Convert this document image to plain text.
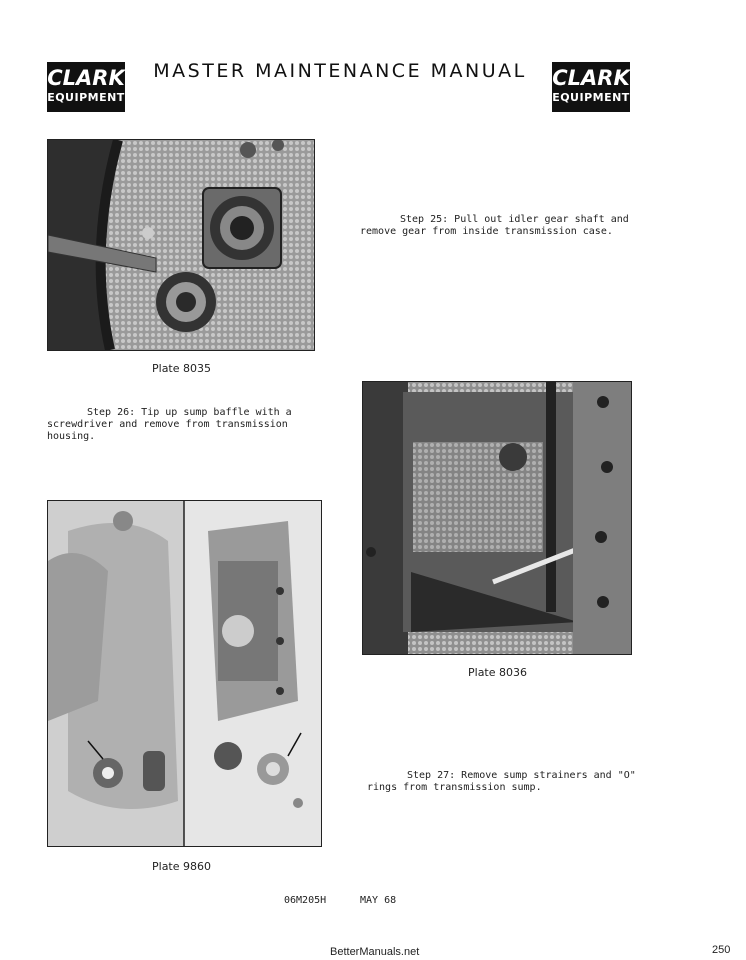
CLARK
EQUIPMENT
MASTER MAINTENANCE MANUAL	CLARK
EQUIPMENT
Plate 8035
Step 25: Pull out idler gear shaft and remove gear from inside transmission case.
Step 26: Tip up sump baffle with a screwdriver and remove from transmission housing.
Plate 8036
Plate 9860
Step 27: Remove sump strainers and "O" rings from transmission sump.
06M205H	MAY 68
BetterManuals.net	250
